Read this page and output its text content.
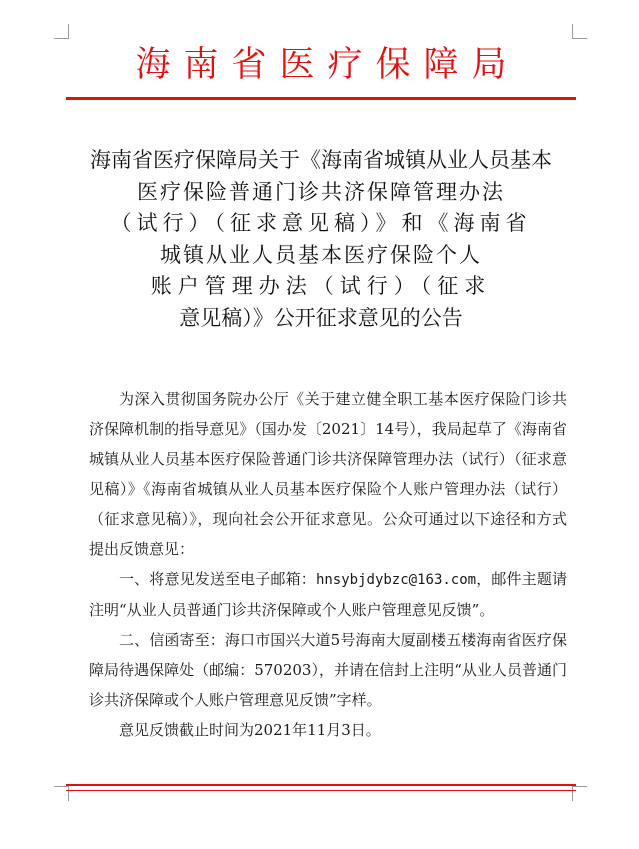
海南省医疗保障局
海南省医疗保障局关于《海南省城镇从业人员基本
医疗保险普通门诊共济保障管理办法
（试行）（征求意见稿）》和《海南省
城镇从业人员基本医疗保险个人
账户管理办法（试行）（征求
意见稿）》公开征求意见的公告

为深入贯彻国务院办公厅《关于建立健全职工基本医疗保险门诊共济保障机制的指导意见》（国办发〔2021〕14号），我局起草了《海南省城镇从业人员基本医疗保险普通门诊共济保障管理办法（试行）（征求意见稿）》《海南省城镇从业人员基本医疗保险个人账户管理办法（试行）（征求意见稿）》，现向社会公开征求意见。公众可通过以下途径和方式提出反馈意见：

一、将意见发送至电子邮箱：hnsybjdybzc@163.com，邮件主题请注明“从业人员普通门诊共济保障或个人账户管理意见反馈”。

二、信函寄至：海口市国兴大道5号海南大厦副楼五楼海南省医疗保障局待遇保障处（邮编：570203），并请在信封上注明“从业人员普通门诊共济保障或个人账户管理意见反馈”字样。

意见反馈截止时间为2021年11月3日。
